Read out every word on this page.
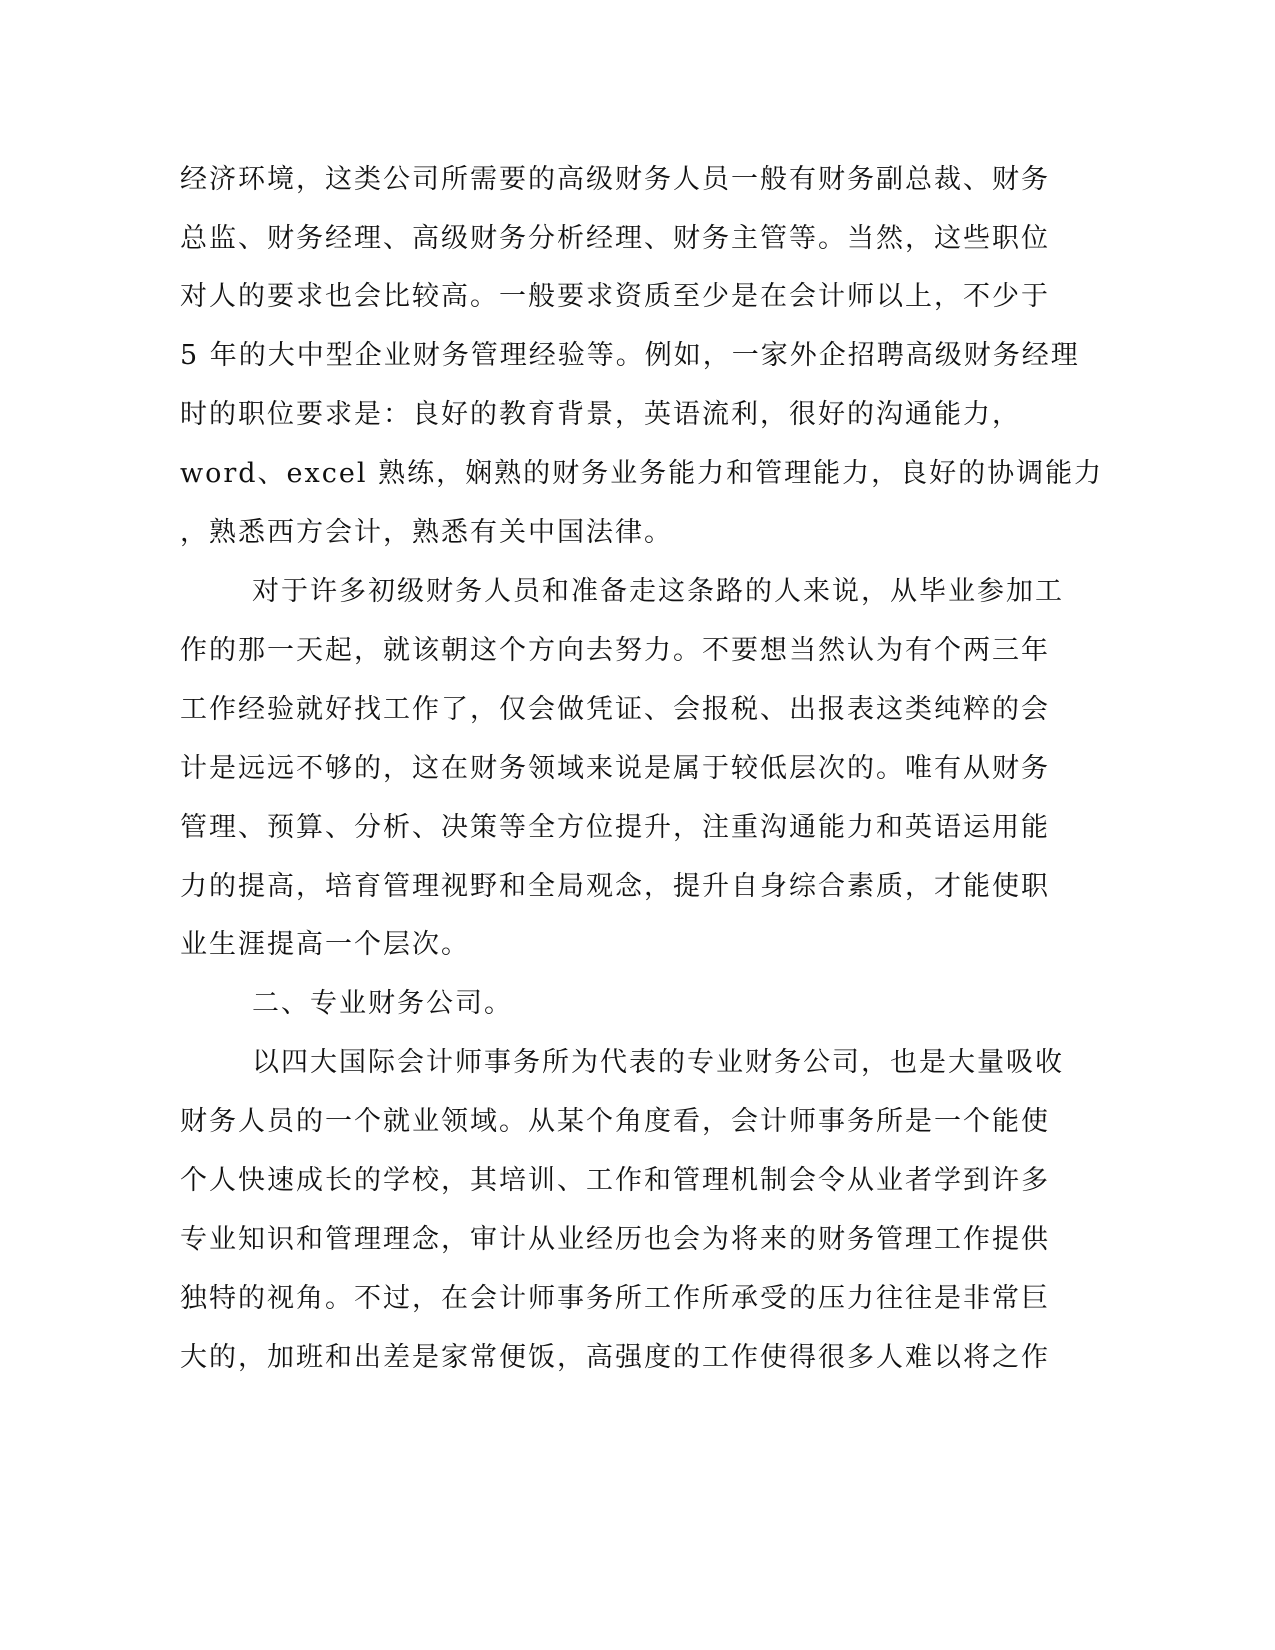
经济环境，这类公司所需要的高级财务人员一般有财务副总裁、财务
总监、财务经理、高级财务分析经理、财务主管等。当然，这些职位
对人的要求也会比较高。一般要求资质至少是在会计师以上，不少于
5 年的大中型企业财务管理经验等。例如，一家外企招聘高级财务经理
时的职位要求是：良好的教育背景，英语流利，很好的沟通能力，
word、excel 熟练，娴熟的财务业务能力和管理能力，良好的协调能力
，熟悉西方会计，熟悉有关中国法律。
对于许多初级财务人员和准备走这条路的人来说，从毕业参加工
作的那一天起，就该朝这个方向去努力。不要想当然认为有个两三年
工作经验就好找工作了，仅会做凭证、会报税、出报表这类纯粹的会
计是远远不够的，这在财务领域来说是属于较低层次的。唯有从财务
管理、预算、分析、决策等全方位提升，注重沟通能力和英语运用能
力的提高，培育管理视野和全局观念，提升自身综合素质，才能使职
业生涯提高一个层次。
二、专业财务公司。
以四大国际会计师事务所为代表的专业财务公司，也是大量吸收
财务人员的一个就业领域。从某个角度看，会计师事务所是一个能使
个人快速成长的学校，其培训、工作和管理机制会令从业者学到许多
专业知识和管理理念，审计从业经历也会为将来的财务管理工作提供
独特的视角。不过，在会计师事务所工作所承受的压力往往是非常巨
大的，加班和出差是家常便饭，高强度的工作使得很多人难以将之作
